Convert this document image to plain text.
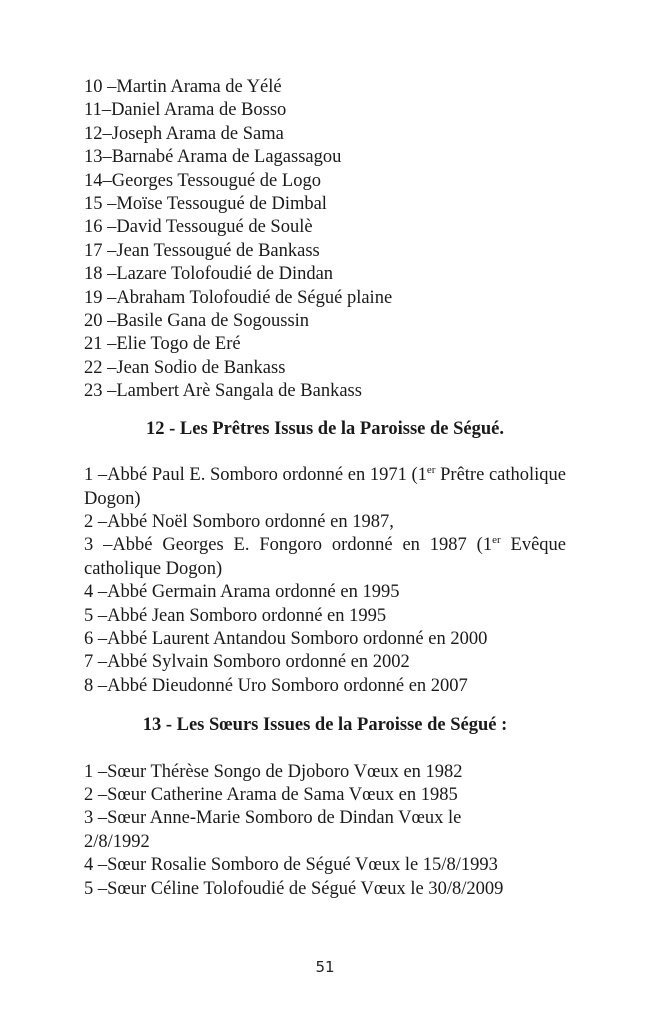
10 –Martin Arama de Yélé
11–Daniel Arama de Bosso
12–Joseph Arama de Sama
13–Barnabé Arama de Lagassagou
14–Georges Tessougué de Logo
15 –Moïse Tessougué de Dimbal
16 –David Tessougué de Soulè
17 –Jean Tessougué de Bankass
18 –Lazare Tolofoudié de Dindan
19 –Abraham Tolofoudié de Ségué plaine
20 –Basile Gana de Sogoussin
21 –Elie Togo de Eré
22 –Jean Sodio de Bankass
23 –Lambert Arè Sangala de Bankass
12 - Les Prêtres Issus de la Paroisse de Ségué.
1 –Abbé Paul E. Somboro ordonné en 1971 (1er Prêtre catholique Dogon)
2 –Abbé Noël Somboro ordonné en 1987,
3 –Abbé Georges E. Fongoro ordonné en 1987 (1er Evêque catholique Dogon)
4 –Abbé Germain Arama ordonné en 1995
5 –Abbé Jean Somboro ordonné en 1995
6 –Abbé Laurent Antandou Somboro ordonné en 2000
7 –Abbé Sylvain Somboro ordonné en 2002
8 –Abbé Dieudonné Uro Somboro ordonné en 2007
13 - Les Sœurs Issues de la Paroisse de Ségué :
1 –Sœur Thérèse Songo de Djoboro Vœux en 1982
2 –Sœur Catherine Arama de Sama Vœux en 1985
3 –Sœur Anne-Marie Somboro de Dindan Vœux le
2/8/1992
4 –Sœur Rosalie Somboro de Ségué Vœux le 15/8/1993
5 –Sœur Céline Tolofoudié de Ségué Vœux le 30/8/2009
51
